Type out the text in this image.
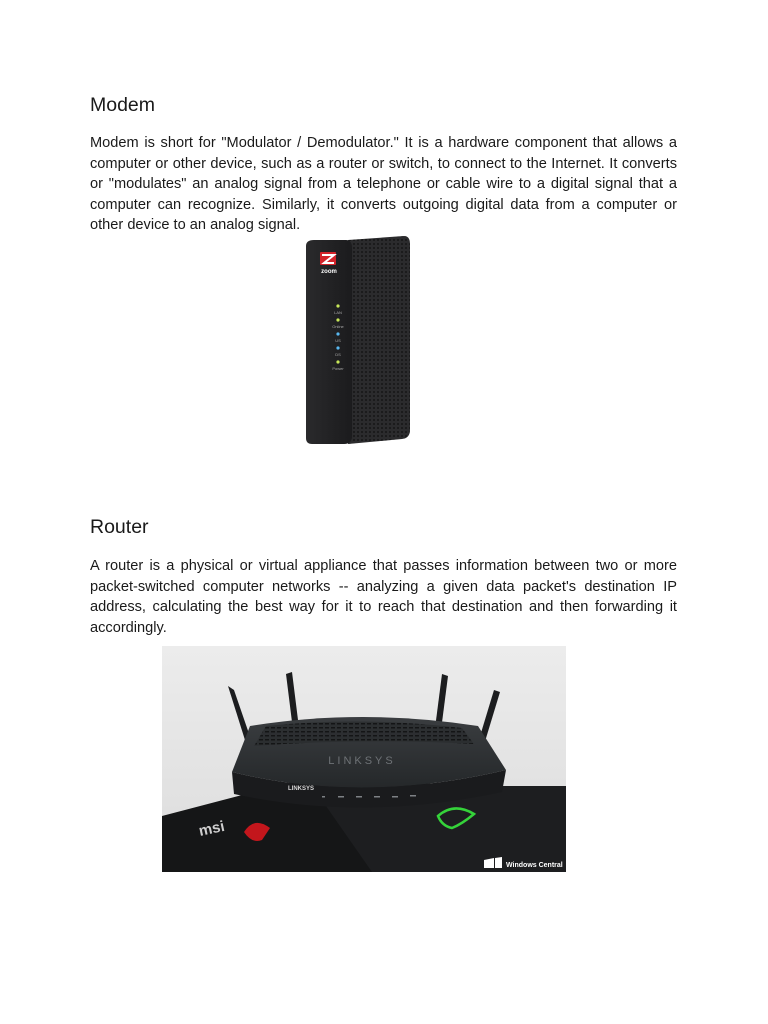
Modem

Modem is short for "Modulator / Demodulator." It is a hardware component that allows a computer or other device, such as a router or switch, to connect to the Internet. It converts or "modulates" an analog signal from a telephone or cable wire to a digital signal that a computer can recognize. Similarly, it converts outgoing digital data from a computer or other device to an analog signal.

zoom
LAN
Online
US
DS
Power
Router

A router is a physical or virtual appliance that passes information between two or more packet-switched computer networks -- analyzing a given data packet's destination IP address, calculating the best way for it to reach that destination and then forwarding it accordingly.

msi
LINKSYS
LINKSYS
Windows Central
